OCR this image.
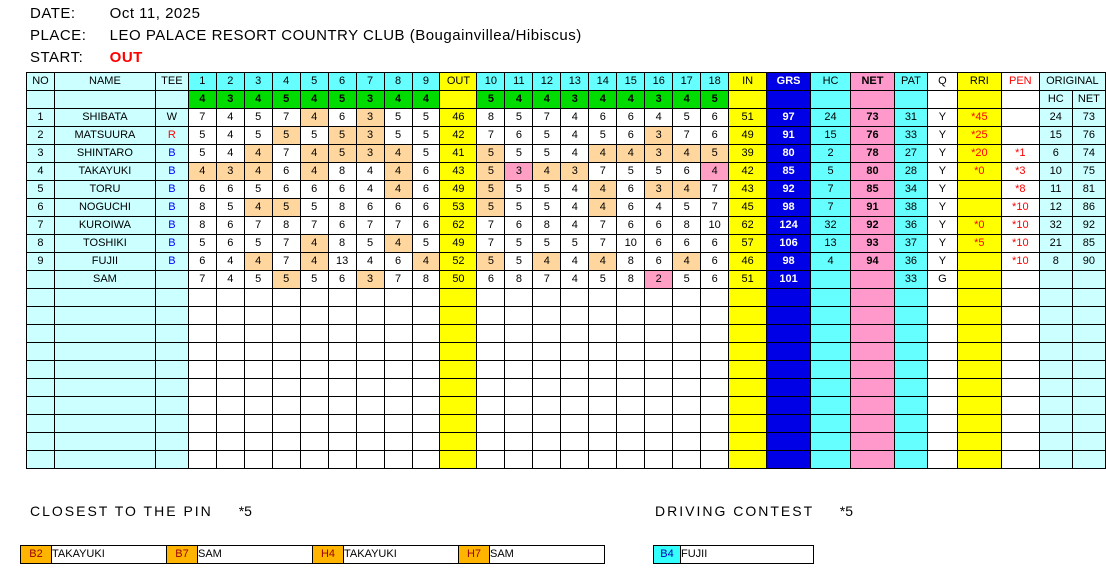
DATE: Oct 11, 2025
PLACE: LEO PALACE RESORT COUNTRY CLUB (Bougainvillea/Hibiscus)
START: OUT
NO	NAME	TEE	1	2	3	4	5	6	7	8	9	OUT	10	11	12	13	14	15	16	17	18	IN	GRS	HC	NET	PAT	Q	RRI	PEN	ORIGINAL	
			4	3	4	5	4	5	3	4	4		5	4	4	3	4	4	3	4	5									HC	NET
1	SHIBATA	W	7	4	5	7	4	6	3	5	5	46	8	5	7	4	6	6	4	5	6	51	97	24	73	31	Y	*45		24	73
2	MATSUURA	R	5	4	5	5	5	5	3	5	5	42	7	6	5	4	5	6	3	7	6	49	91	15	76	33	Y	*25		15	76
3	SHINTARO	B	5	4	4	7	4	5	3	4	5	41	5	5	5	4	4	4	3	4	5	39	80	2	78	27	Y	*20	*1	6	74
4	TAKAYUKI	B	4	3	4	6	4	8	4	4	6	43	5	3	4	3	7	5	5	6	4	42	85	5	80	28	Y	*0	*3	10	75
5	TORU	B	6	6	5	6	6	6	4	4	6	49	5	5	5	4	4	6	3	4	7	43	92	7	85	34	Y		*8	11	81
6	NOGUCHI	B	8	5	4	5	5	8	6	6	6	53	5	5	5	4	4	6	4	5	7	45	98	7	91	38	Y		*10	12	86
7	KUROIWA	B	8	6	7	8	7	6	7	7	6	62	7	6	8	4	7	6	6	8	10	62	124	32	92	36	Y	*0	*10	32	92
8	TOSHIKI	B	5	6	5	7	4	8	5	4	5	49	7	5	5	5	7	10	6	6	6	57	106	13	93	37	Y	*5	*10	21	85
9	FUJII	B	6	4	4	7	4	13	4	6	4	52	5	5	4	4	4	8	6	4	6	46	98	4	94	36	Y		*10	8	90
	SAM		7	4	5	5	5	6	3	7	8	50	6	8	7	4	5	8	2	5	6	51	101			33	G				

CLOSEST TO THE PIN *5
B2	TAKAYUKI	B7	SAM	H4	TAKAYUKI	H7	SAM
DRIVING CONTEST *5
B4	FUJII
